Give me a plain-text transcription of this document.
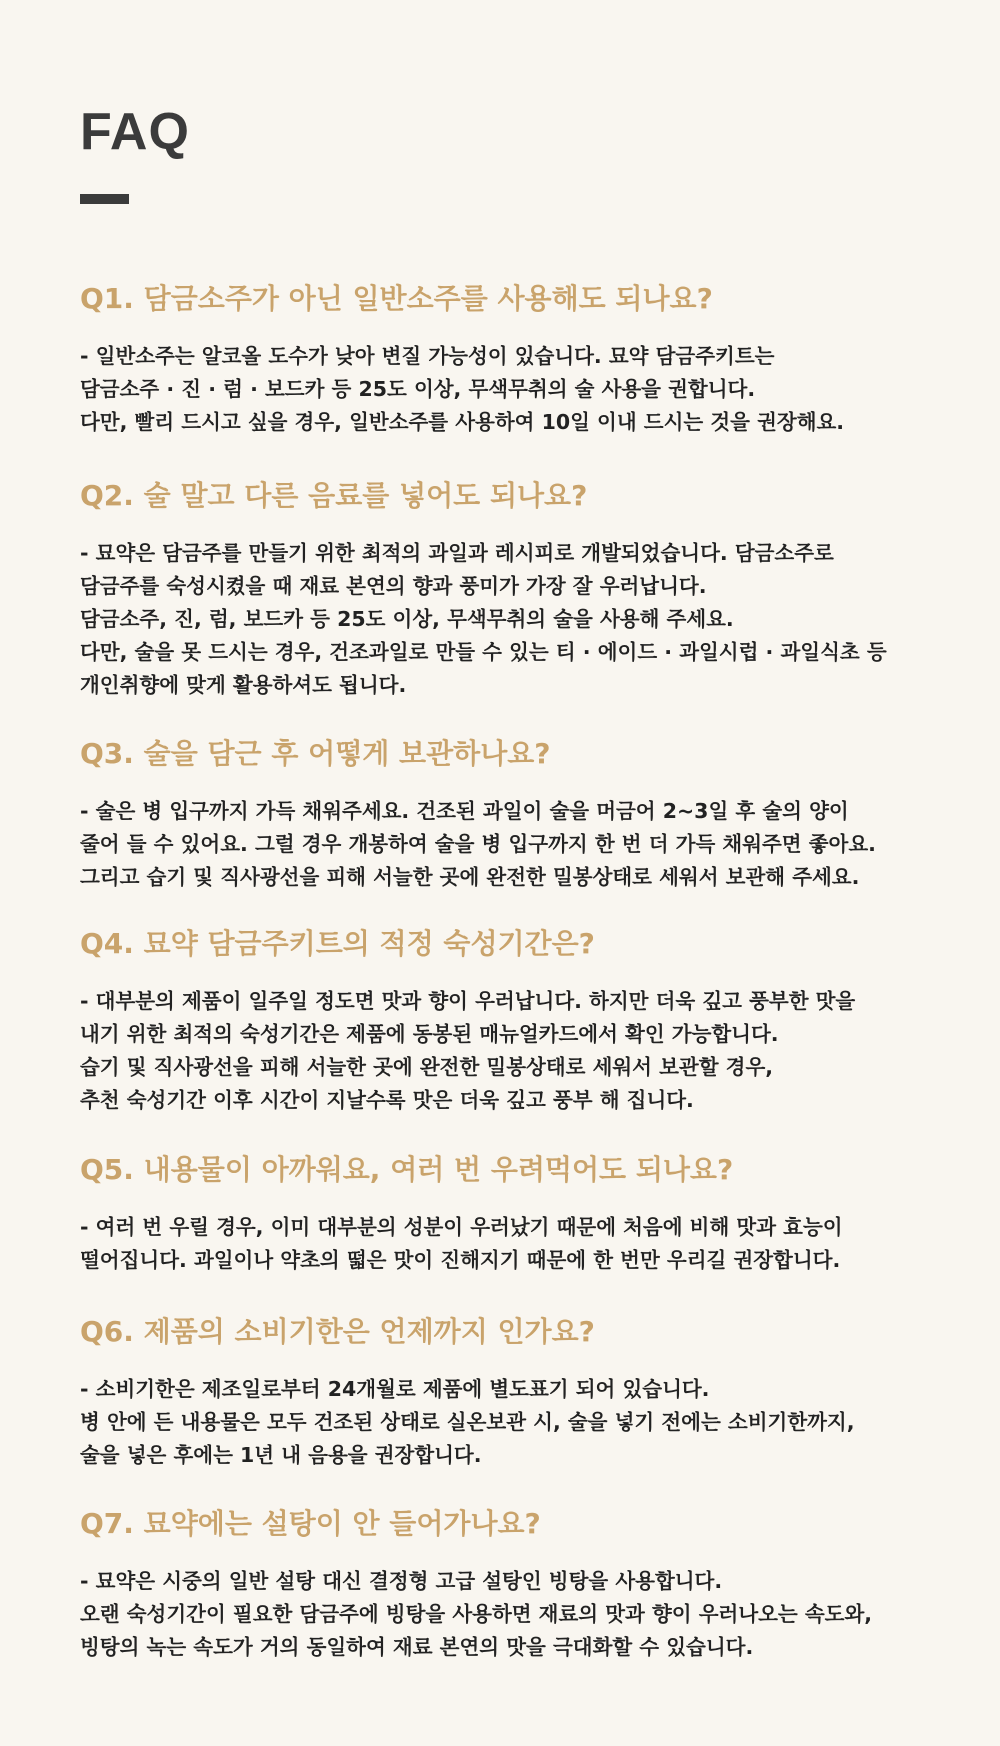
FAQ
Q1. 담금소주가 아닌 일반소주를 사용해도 되나요?

- 일반소주는 알코올 도수가 낮아 변질 가능성이 있습니다. 묘약 담금주키트는
담금소주 · 진 · 럼 · 보드카 등 25도 이상, 무색무취의 술 사용을 권합니다.
다만, 빨리 드시고 싶을 경우, 일반소주를 사용하여 10일 이내 드시는 것을 권장해요.

Q2. 술 말고 다른 음료를 넣어도 되나요?

- 묘약은 담금주를 만들기 위한 최적의 과일과 레시피로 개발되었습니다. 담금소주로
담금주를 숙성시켰을 때 재료 본연의 향과 풍미가 가장 잘 우러납니다.
담금소주, 진, 럼, 보드카 등 25도 이상, 무색무취의 술을 사용해 주세요.
다만, 술을 못 드시는 경우, 건조과일로 만들 수 있는 티 · 에이드 · 과일시럽 · 과일식초 등
개인취향에 맞게 활용하셔도 됩니다.

Q3. 술을 담근 후 어떻게 보관하나요?

- 술은 병 입구까지 가득 채워주세요. 건조된 과일이 술을 머금어 2~3일 후 술의 양이
줄어 들 수 있어요. 그럴 경우 개봉하여 술을 병 입구까지 한 번 더 가득 채워주면 좋아요.
그리고 습기 및 직사광선을 피해 서늘한 곳에 완전한 밀봉상태로 세워서 보관해 주세요.

Q4. 묘약 담금주키트의 적정 숙성기간은?

- 대부분의 제품이 일주일 정도면 맛과 향이 우러납니다. 하지만 더욱 깊고 풍부한 맛을
내기 위한 최적의 숙성기간은 제품에 동봉된 매뉴얼카드에서 확인 가능합니다.
습기 및 직사광선을 피해 서늘한 곳에 완전한 밀봉상태로 세워서 보관할 경우,
추천 숙성기간 이후 시간이 지날수록 맛은 더욱 깊고 풍부 해 집니다.

Q5. 내용물이 아까워요, 여러 번 우려먹어도 되나요?

- 여러 번 우릴 경우, 이미 대부분의 성분이 우러났기 때문에 처음에 비해 맛과 효능이
떨어집니다. 과일이나 약초의 떫은 맛이 진해지기 때문에 한 번만 우리길 권장합니다.

Q6. 제품의 소비기한은 언제까지 인가요?

- 소비기한은 제조일로부터 24개월로 제품에 별도표기 되어 있습니다.
병 안에 든 내용물은 모두 건조된 상태로 실온보관 시, 술을 넣기 전에는 소비기한까지,
술을 넣은 후에는 1년 내 음용을 권장합니다.

Q7. 묘약에는 설탕이 안 들어가나요?

- 묘약은 시중의 일반 설탕 대신 결정형 고급 설탕인 빙탕을 사용합니다.
오랜 숙성기간이 필요한 담금주에 빙탕을 사용하면 재료의 맛과 향이 우러나오는 속도와,
빙탕의 녹는 속도가 거의 동일하여 재료 본연의 맛을 극대화할 수 있습니다.
